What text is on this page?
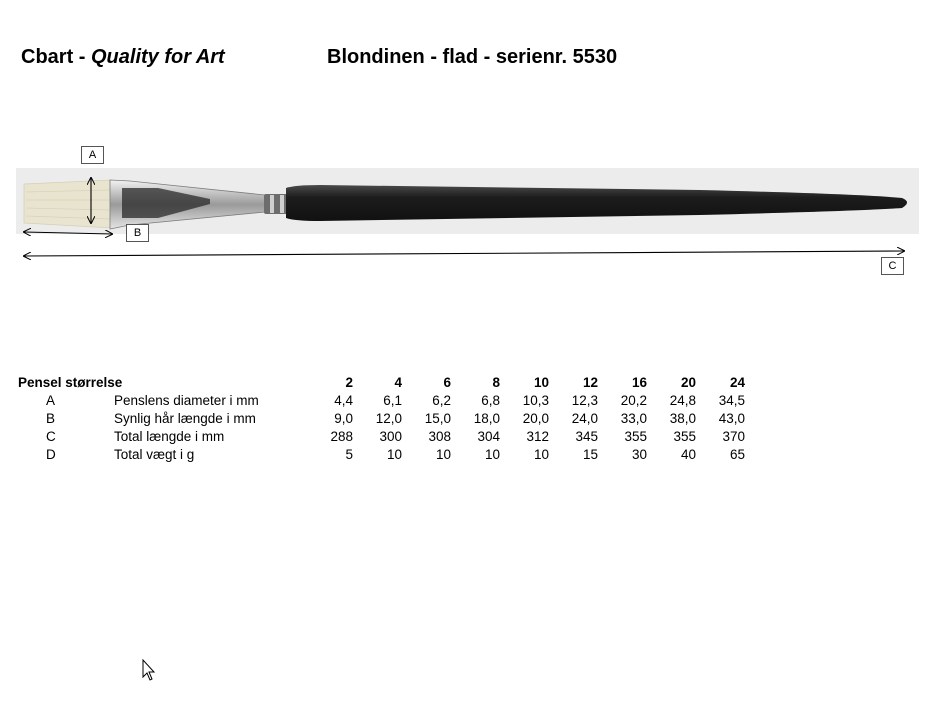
Cbart - Quality for Art	Blondinen - flad - serienr. 5530
A
B
C
Pensel størrelse		2	4	6	8	10	12	16	20	24
A	Penslens diameter i mm	4,4	6,1	6,2	6,8	10,3	12,3	20,2	24,8	34,5
B	Synlig hår længde i mm	9,0	12,0	15,0	18,0	20,0	24,0	33,0	38,0	43,0
C	Total længde i mm	288	300	308	304	312	345	355	355	370
D	Total vægt i g	5	10	10	10	10	15	30	40	65
